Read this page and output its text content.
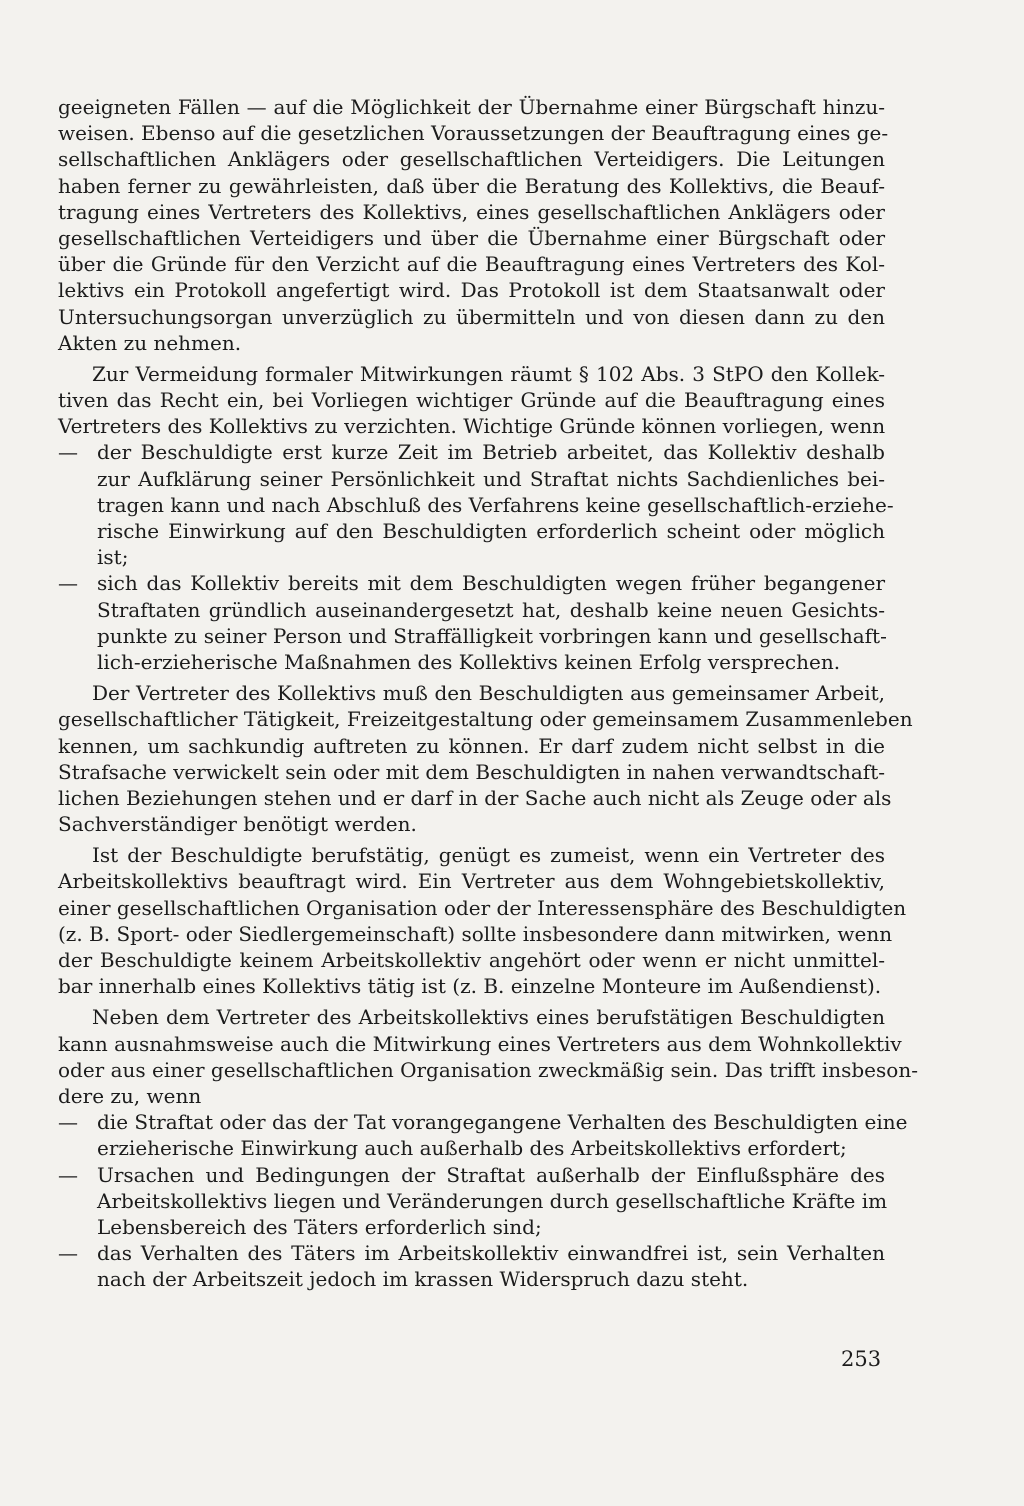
geeigneten Fällen — auf die Möglichkeit der Übernahme einer Bürgschaft hinzu-
weisen. Ebenso auf die gesetzlichen Voraussetzungen der Beauftragung eines ge-
sellschaftlichen Anklägers oder gesellschaftlichen Verteidigers. Die Leitungen
haben ferner zu gewährleisten, daß über die Beratung des Kollektivs, die Beauf-
tragung eines Vertreters des Kollektivs, eines gesellschaftlichen Anklägers oder
gesellschaftlichen Verteidigers und über die Übernahme einer Bürgschaft oder
über die Gründe für den Verzicht auf die Beauftragung eines Vertreters des Kol-
lektivs ein Protokoll angefertigt wird. Das Protokoll ist dem Staatsanwalt oder
Untersuchungsorgan unverzüglich zu übermitteln und von diesen dann zu den
Akten zu nehmen.
Zur Vermeidung formaler Mitwirkungen räumt § 102 Abs. 3 StPO den Kollek-
tiven das Recht ein, bei Vorliegen wichtiger Gründe auf die Beauftragung eines
Vertreters des Kollektivs zu verzichten. Wichtige Gründe können vorliegen, wenn
— der Beschuldigte erst kurze Zeit im Betrieb arbeitet, das Kollektiv deshalb
zur Aufklärung seiner Persönlichkeit und Straftat nichts Sachdienliches bei-
tragen kann und nach Abschluß des Verfahrens keine gesellschaftlich-erziehe-
rische Einwirkung auf den Beschuldigten erforderlich scheint oder möglich
ist;
— sich das Kollektiv bereits mit dem Beschuldigten wegen früher begangener
Straftaten gründlich auseinandergesetzt hat, deshalb keine neuen Gesichts-
punkte zu seiner Person und Straffälligkeit vorbringen kann und gesellschaft-
lich-erzieherische Maßnahmen des Kollektivs keinen Erfolg versprechen.
Der Vertreter des Kollektivs muß den Beschuldigten aus gemeinsamer Arbeit,
gesellschaftlicher Tätigkeit, Freizeitgestaltung oder gemeinsamem Zusammenleben
kennen, um sachkundig auftreten zu können. Er darf zudem nicht selbst in die
Strafsache verwickelt sein oder mit dem Beschuldigten in nahen verwandtschaft-
lichen Beziehungen stehen und er darf in der Sache auch nicht als Zeuge oder als
Sachverständiger benötigt werden.
Ist der Beschuldigte berufstätig, genügt es zumeist, wenn ein Vertreter des
Arbeitskollektivs beauftragt wird. Ein Vertreter aus dem Wohngebietskollektiv,
einer gesellschaftlichen Organisation oder der Interessensphäre des Beschuldigten
(z. B. Sport- oder Siedlergemeinschaft) sollte insbesondere dann mitwirken, wenn
der Beschuldigte keinem Arbeitskollektiv angehört oder wenn er nicht unmittel-
bar innerhalb eines Kollektivs tätig ist (z. B. einzelne Monteure im Außendienst).
Neben dem Vertreter des Arbeitskollektivs eines berufstätigen Beschuldigten
kann ausnahmsweise auch die Mitwirkung eines Vertreters aus dem Wohnkollektiv
oder aus einer gesellschaftlichen Organisation zweckmäßig sein. Das trifft insbeson-
dere zu, wenn
— die Straftat oder das der Tat vorangegangene Verhalten des Beschuldigten eine
erzieherische Einwirkung auch außerhalb des Arbeitskollektivs erfordert;
— Ursachen und Bedingungen der Straftat außerhalb der Einflußsphäre des
Arbeitskollektivs liegen und Veränderungen durch gesellschaftliche Kräfte im
Lebensbereich des Täters erforderlich sind;
— das Verhalten des Täters im Arbeitskollektiv einwandfrei ist, sein Verhalten
nach der Arbeitszeit jedoch im krassen Widerspruch dazu steht.
253
